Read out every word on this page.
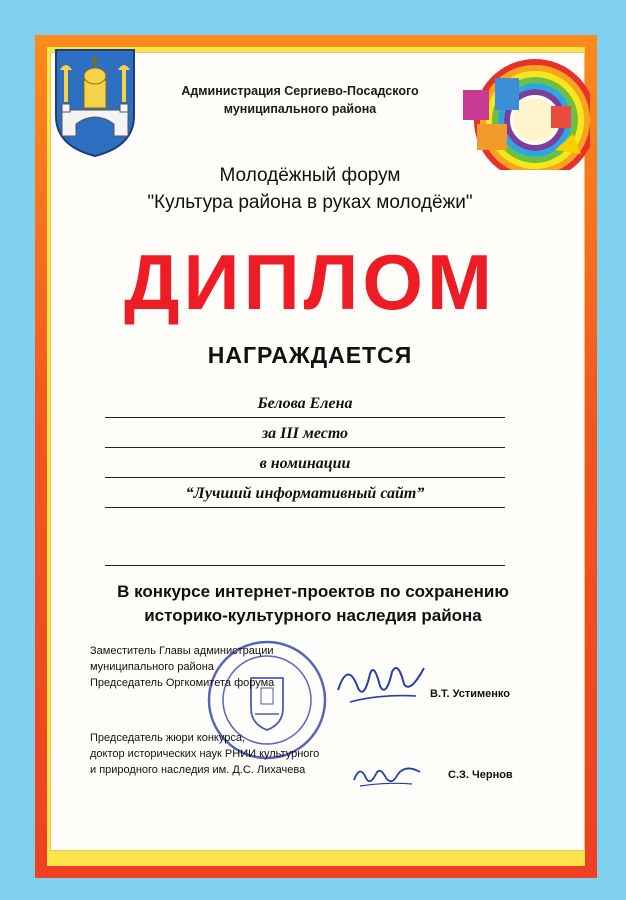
Администрация Сергиево-Посадского
муниципального района
Молодёжный форум
"Культура района в руках молодёжи"
ДИПЛОМ
НАГРАЖДАЕТСЯ
Белова Елена
за III место
в номинации
“Лучший информативный сайт”
В конкурсе интернет-проектов по сохранению
историко-культурного наследия района
Заместитель Главы администрации
муниципального района
Председатель Оргкомитета форума
В.Т. Устименко
Председатель жюри конкурса,
доктор исторических наук РНИИ культурного
и природного наследия им. Д.С. Лихачева	С.З. Чернов
